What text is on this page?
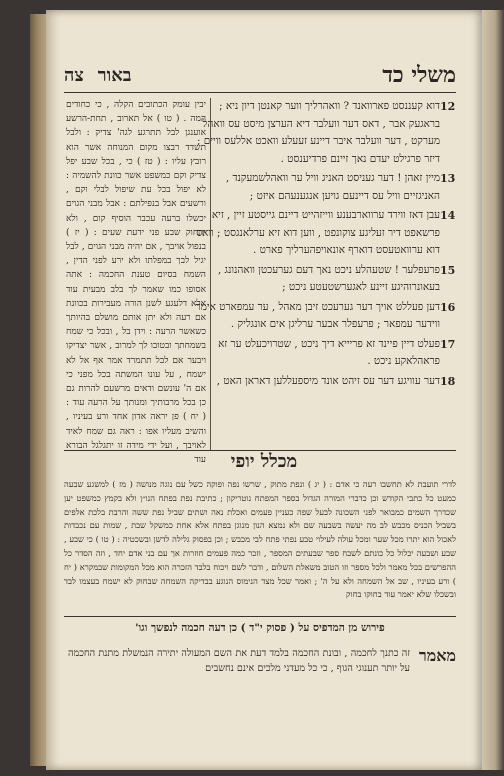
משלי כד
באור
צה
12
דוא קעננסט פארוואנד ? וואהרליך ווער קאנטן דיון ניא ; בראגעק אבר , דאס דער וועלבר דיא הערצן מיסט עס וואהל מערקט , דער וועלבר איבר דיינע זעעלע וואכט אללעס וויים ; דיזר פרגילט יעדם נאך זיינם פרדיענסט .
13
מיין זאהן ! דער געניסט האניג וויל ער וואהלשמעקנד , האניגזיים וויל עס דיינעם גויען אנגענעהם איזט ;
14
עבן דאז ווירד ערווארבענע ווייזהייט דיינם גייסטע זיין , זיא פרשאפט דיר זעליגע צוקונפט , ווען דוא זיא ערלאנגסט ; וואס דוא ערוואטעסט דוארף אונאויפהערליך פארט .
15
פרעפלער ! שטעהלע ניכט נאך דעם גערעכטן וואהנונג , בעאונרוהיגע זיינע לאגערשטעטע ניכט ;
16
דען פעללט אויך דער גערעכט זיבן מאהל , ער עמפארט אימר ווידער עמפאר ; פרעפלר אבער ערליגן אים אונגליק .
17
פעלט דיין פיינד זא פריייא דיך ניכט , שטרויכעלט ער זא פראהלאקע ניכט .
18
דער עוויגע דער עס זיהט אונד מיספעללען דאראן האט ,
יבין עומק הכתובים הקלה , כי כחודים המה . ( טו ) אל תארוב , תחת-הרשע אוענגן לבל תתרגע לגה' צדיק : ולבל תשדד רבצו מקום המנוחה אשר הוא רובץ עליו : ( טז ) כי , בכל שבע יפל צדיק וקם כמשפט אשר כוונת להשמיה : לא יפול בכל עת שיפול לבלי וקם , ורשעים אבל בנפילתם : אבל מבני הגוים יכשלו ברעה עכבר הוסיף קום , ולא יתחוק שבע פני ידעת שעים : ( יז ) בנפול אויבך , אם יהיה מבני הגוים , לבל יגיל לבך במפלתו ולא ירע לפני הדין , השמח בסיום טענת החכמה : אתה אסופו כמו שאמר לך בלב מבעית עוד אלא דלעגע לשנן הורה מעבירות בכוונת אם רעה ולא יתן אותם מושלם בהיותך כשאשר הרעה : וידן בל , ובכל כי שמח בשמחתך ובטובו לך למרוב , אשר יצדיקו ויבער אם לבל תתמרד אמר אף אל לא ישמח , על עונו המשתה בכל מפני כי אם ה' עונשם ודאים מרשעם להרות גם כן בכל מרבותיך ומנותך על הרעה עוד : ( יח ) פן יראה אדון אחד ורע בעיניו , והשיב מעליו אפו : ראה גם שמח לאיד לאויבך , ועל ידי מידה זו יתגלגל הבורא עוד	מכלל יופי
לדרי תועבת לא תחשבו רעה כי אדם : ( יג ) ונפת מתוק , שרשו נפה ופוקה כשל עם נוגה מנושה ( מז ) למשגע שבעה כמעט כל כתבי הקודש וכן כדברי המורה הגדול בספר המפתח נוטריקון ; כתיבת נפת בפתח הנו״ן ולא בקמץ כמשפט יען שכדרך השמים כמבואר לפני השכונה לבעל שפה כעניין פעמים ואכלת נאה ושתים שביל נפת ששה והרבת בלכת אלפים בשביל הכניס מכבש לב מה יעשה בשבעה שם ולא נמצא הנון מנוגן בפתח אלא אחת כמשקל שבת , שמות עם נכבדות לאכול הוא יתרו מכל שער ומכל עולה לעילוי טבע נפתי פתח לבי מכבש ; וכן בפסוק גלילה לדשן ובשכטיה : ( טו ) כי שבע , שבע ושבעה יכלול כל כונתם לשבח ספר שבעתים המספר , וזכר כמה פעמים חוזרות אך עם בני אדם יחד , וזה הסדר כל ההפרשים בכל מאמר ולכל מספר וזו הטוב משאלת השלום , ודבר לשם ויכוח בלבד הזכרה הוא מכל המקומות שבמקרא ( יח ) ורע בעיניו , שב אל השמחה ולא על ה' ; ואמר שכל מצד הנימוס הנוגע בבדיקה השמחה שבחוק לא ישמח בעצמו לבד ובשכלו שלא יאמר עוד בחוקו בחוק
פירוש מן המדפיס על ( פסוק י"ד ) כן דעה חכמה לנפשך וגו'
מאמר
זה כתנך לחכמה , ובונת החכמה בלמד דעת את השם המעולה יתירה הנמשלת מתנת החכמה על יותר תענוגי הגוף , כי כל מעדני מלכים אינם נחשבים
